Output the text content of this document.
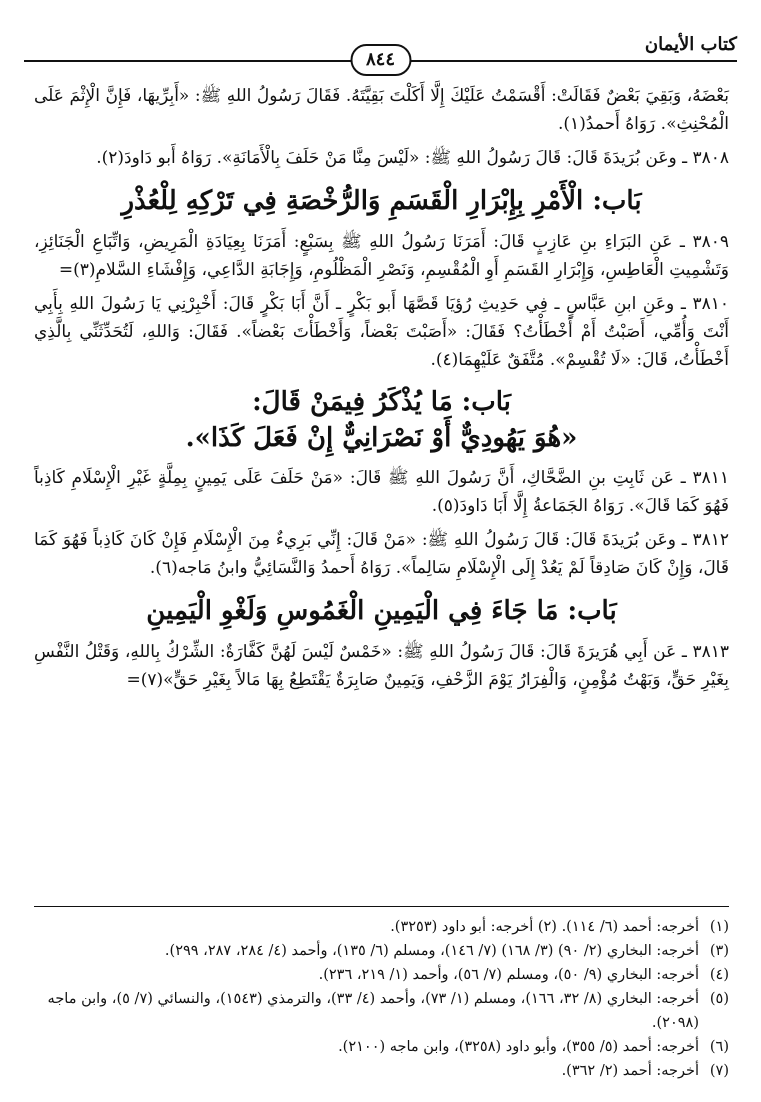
كتاب الأيمان
٨٤٤

بَعْضَهُ، وَبَقِيَ بَعْضٌ فَقَالَتْ: أَقْسَمْتُ عَلَيْكَ إِلَّا أَكَلْتَ بَقِيَّتَهُ. فَقَالَ رَسُولُ اللهِ ﷺ: «أَبِرِّيهَا، فَإِنَّ الْإِثْمَ عَلَى الْمُحْنِثِ». رَوَاهُ أَحمدُ(١).

٣٨٠٨ ـ وعَن بُرَيدَةَ قَالَ: قَالَ رَسُولُ اللهِ ﷺ: «لَيْسَ مِنَّا مَنْ حَلَفَ بِالْأَمَانَةِ». رَوَاهُ أَبو دَاودَ(٢).

بَاب: الْأَمْرِ بِإِبْرَارِ الْقَسَمِ وَالرُّخْصَةِ فِي تَرْكِهِ لِلْعُذْرِ

٣٨٠٩ ـ عَنِ البَرَاءِ بنِ عَازِبٍ قَالَ: أَمَرَنَا رَسُولُ اللهِ ﷺ بِسَبْعٍ: أَمَرَنَا بِعِيَادَةِ الْمَرِيضِ، وَاتِّبَاعِ الْجَنَائِزِ، وَتَشْمِيتِ الْعَاطِسِ، وَإِبْرَارِ القَسَمِ أَوِ الْمُقْسِمِ، وَنَصْرِ الْمَظْلُومِ، وَإِجَابَةِ الدَّاعِي، وَإِفْشَاءِ السَّلامِ(٣)=

٣٨١٠ ـ وعَنِ ابنِ عَبَّاسٍ ـ فِي حَدِيثِ رُؤيَا قَصَّهَا أَبو بَكْرٍ ـ أَنَّ أَبَا بَكْرٍ قَالَ: أَخْبِرْنِي يَا رَسُولَ اللهِ بِأَبِي أَنْتَ وَأُمِّي، أَصَبْتُ أَمْ أَخْطَأْتُ؟ فَقَالَ: «أَصَبْتَ بَعْضاً، وَأَخْطَأْتَ بَعْضاً». فَقَالَ: وَاللهِ، لَتُحَدِّثَنِّي بِالَّذِي أَخْطَأْتُ، قَالَ: «لَا تُقْسِمْ». مُتَّفَقٌ عَلَيْهِمَا(٤).

بَاب: مَا يُذْكَرُ فِيمَنْ قَالَ:
«هُوَ يَهُودِيٌّ أَوْ نَصْرَانِيٌّ إِنْ فَعَلَ كَذَا».

٣٨١١ ـ عَن ثَابِتِ بنِ الضَّحَّاكِ، أَنَّ رَسُولَ اللهِ ﷺ قَالَ: «مَنْ حَلَفَ عَلَى يَمِينٍ بِمِلَّةٍ غَيْرِ الْإِسْلَامِ كَاذِباً فَهُوَ كَمَا قَالَ». رَوَاهُ الجَمَاعةُ إِلَّا أَبَا دَاودَ(٥).

٣٨١٢ ـ وعَن بُرَيدَةَ قَالَ: قَالَ رَسُولُ اللهِ ﷺ: «مَنْ قَالَ: إِنِّي بَرِيءٌ مِنَ الْإِسْلَامِ فَإِنْ كَانَ كَاذِباً فَهُوَ كَمَا قَالَ، وَإِنْ كَانَ صَادِقاً لَمْ يَعُدْ إِلَى الْإِسْلَامِ سَالِماً». رَوَاهُ أَحمدُ وَالنَّسَائِيُّ وابنُ مَاجه(٦).

بَاب: مَا جَاءَ فِي الْيَمِينِ الْغَمُوسِ وَلَغْوِ الْيَمِينِ

٣٨١٣ ـ عَن أَبِي هُرَيرَةَ قَالَ: قَالَ رَسُولُ اللهِ ﷺ: «خَمْسٌ لَيْسَ لَهُنَّ كَفَّارَةٌ: الشِّرْكُ بِاللهِ، وَقَتْلُ النَّفْسِ بِغَيْرِ حَقٍّ، وَبَهْتُ مُؤْمِنٍ، وَالْفِرَارُ يَوْمَ الزَّحْفِ، وَيَمِينٌ صَابِرَةٌ يَقْتَطِعُ بِهَا مَالاً بِغَيْرِ حَقٍّ»(٧)=

(١)
أخرجه: أحمد (٦/ ١١٤). (٢) أخرجه: أبو داود (٣٢٥٣).
(٣)
أخرجه: البخاري (٢/ ٩٠) (٣/ ١٦٨) (٧/ ١٤٦)، ومسلم (٦/ ١٣٥)، وأحمد (٤/ ٢٨٤، ٢٨٧، ٢٩٩).
(٤)
أخرجه: البخاري (٩/ ٥٠)، ومسلم (٧/ ٥٦)، وأحمد (١/ ٢١٩، ٢٣٦).
(٥)
أخرجه: البخاري (٨/ ٣٢، ١٦٦)، ومسلم (١/ ٧٣)، وأحمد (٤/ ٣٣)، والترمذي (١٥٤٣)، والنسائي (٧/ ٥)، وابن ماجه (٢٠٩٨).
(٦)
أخرجه: أحمد (٥/ ٣٥٥)، وأبو داود (٣٢٥٨)، وابن ماجه (٢١٠٠).
(٧)
أخرجه: أحمد (٢/ ٣٦٢).
